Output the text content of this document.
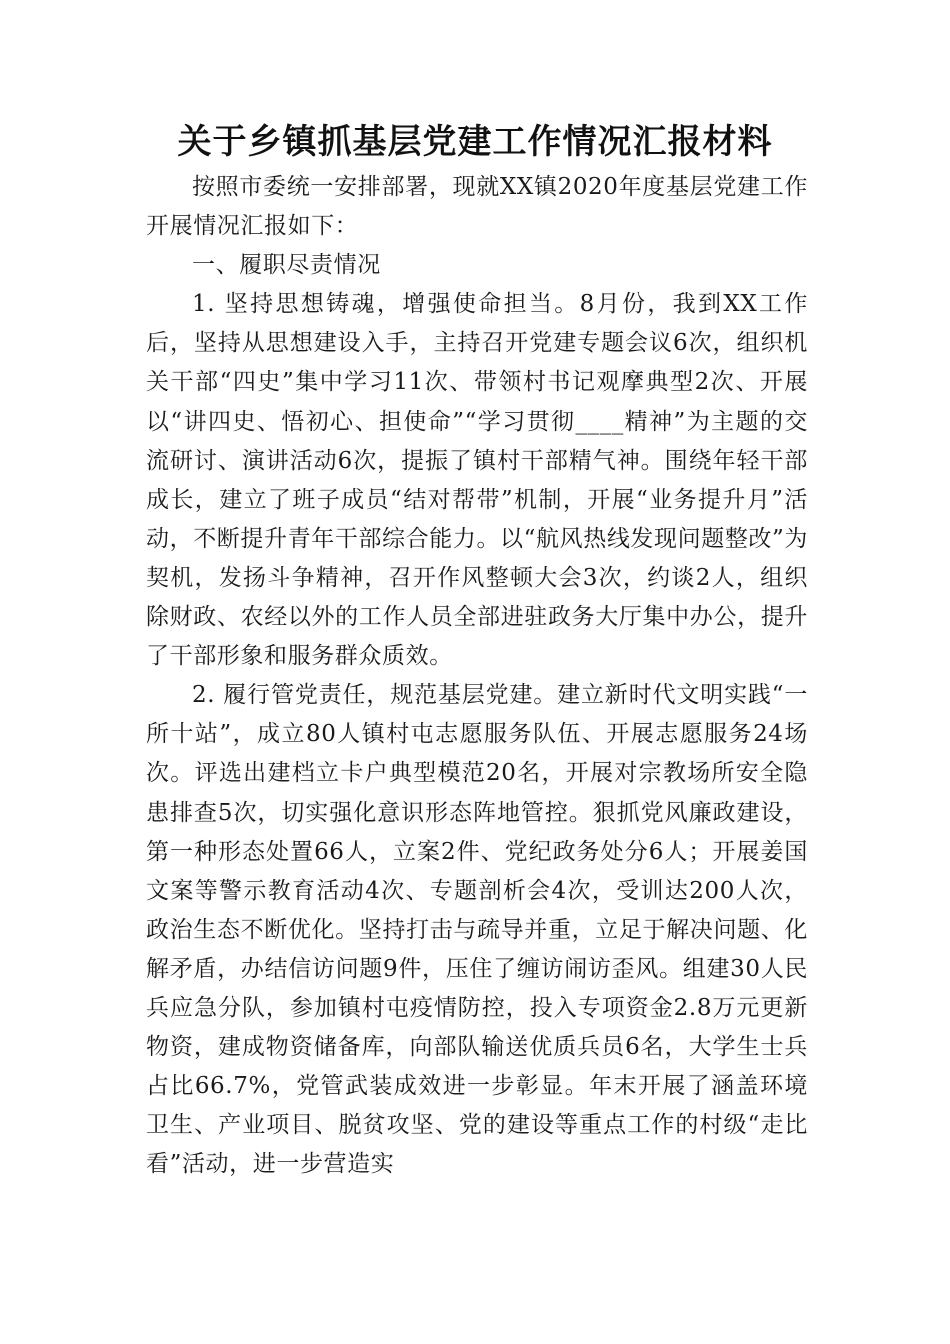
关于乡镇抓基层党建工作情况汇报材料

按照市委统一安排部署，现就XX镇2020年度基层党建工作开展情况汇报如下：

一、履职尽责情况

1. 坚持思想铸魂，增强使命担当。8月份，我到XX工作后，坚持从思想建设入手，主持召开党建专题会议6次，组织机关干部“四史”集中学习11次、带领村书记观摩典型2次、开展以“讲四史、悟初心、担使命”“学习贯彻____精神”为主题的交流研讨、演讲活动6次，提振了镇村干部精气神。围绕年轻干部成长，建立了班子成员“结对帮带”机制，开展“业务提升月”活动，不断提升青年干部综合能力。以“航风热线发现问题整改”为契机，发扬斗争精神，召开作风整顿大会3次，约谈2人，组织除财政、农经以外的工作人员全部进驻政务大厅集中办公，提升了干部形象和服务群众质效。

2. 履行管党责任，规范基层党建。建立新时代文明实践“一所十站”，成立80人镇村屯志愿服务队伍、开展志愿服务24场次。评选出建档立卡户典型模范20名，开展对宗教场所安全隐患排查5次，切实强化意识形态阵地管控。狠抓党风廉政建设，第一种形态处置66人，立案2件、党纪政务处分6人；开展姜国文案等警示教育活动4次、专题剖析会4次，受训达200人次，政治生态不断优化。坚持打击与疏导并重，立足于解决问题、化解矛盾，办结信访问题9件，压住了缠访闹访歪风。组建30人民兵应急分队，参加镇村屯疫情防控，投入专项资金2.8万元更新物资，建成物资储备库，向部队输送优质兵员6名，大学生士兵占比66.7%，党管武装成效进一步彰显。年末开展了涵盖环境卫生、产业项目、脱贫攻坚、党的建设等重点工作的村级“走比看”活动，进一步营造实
